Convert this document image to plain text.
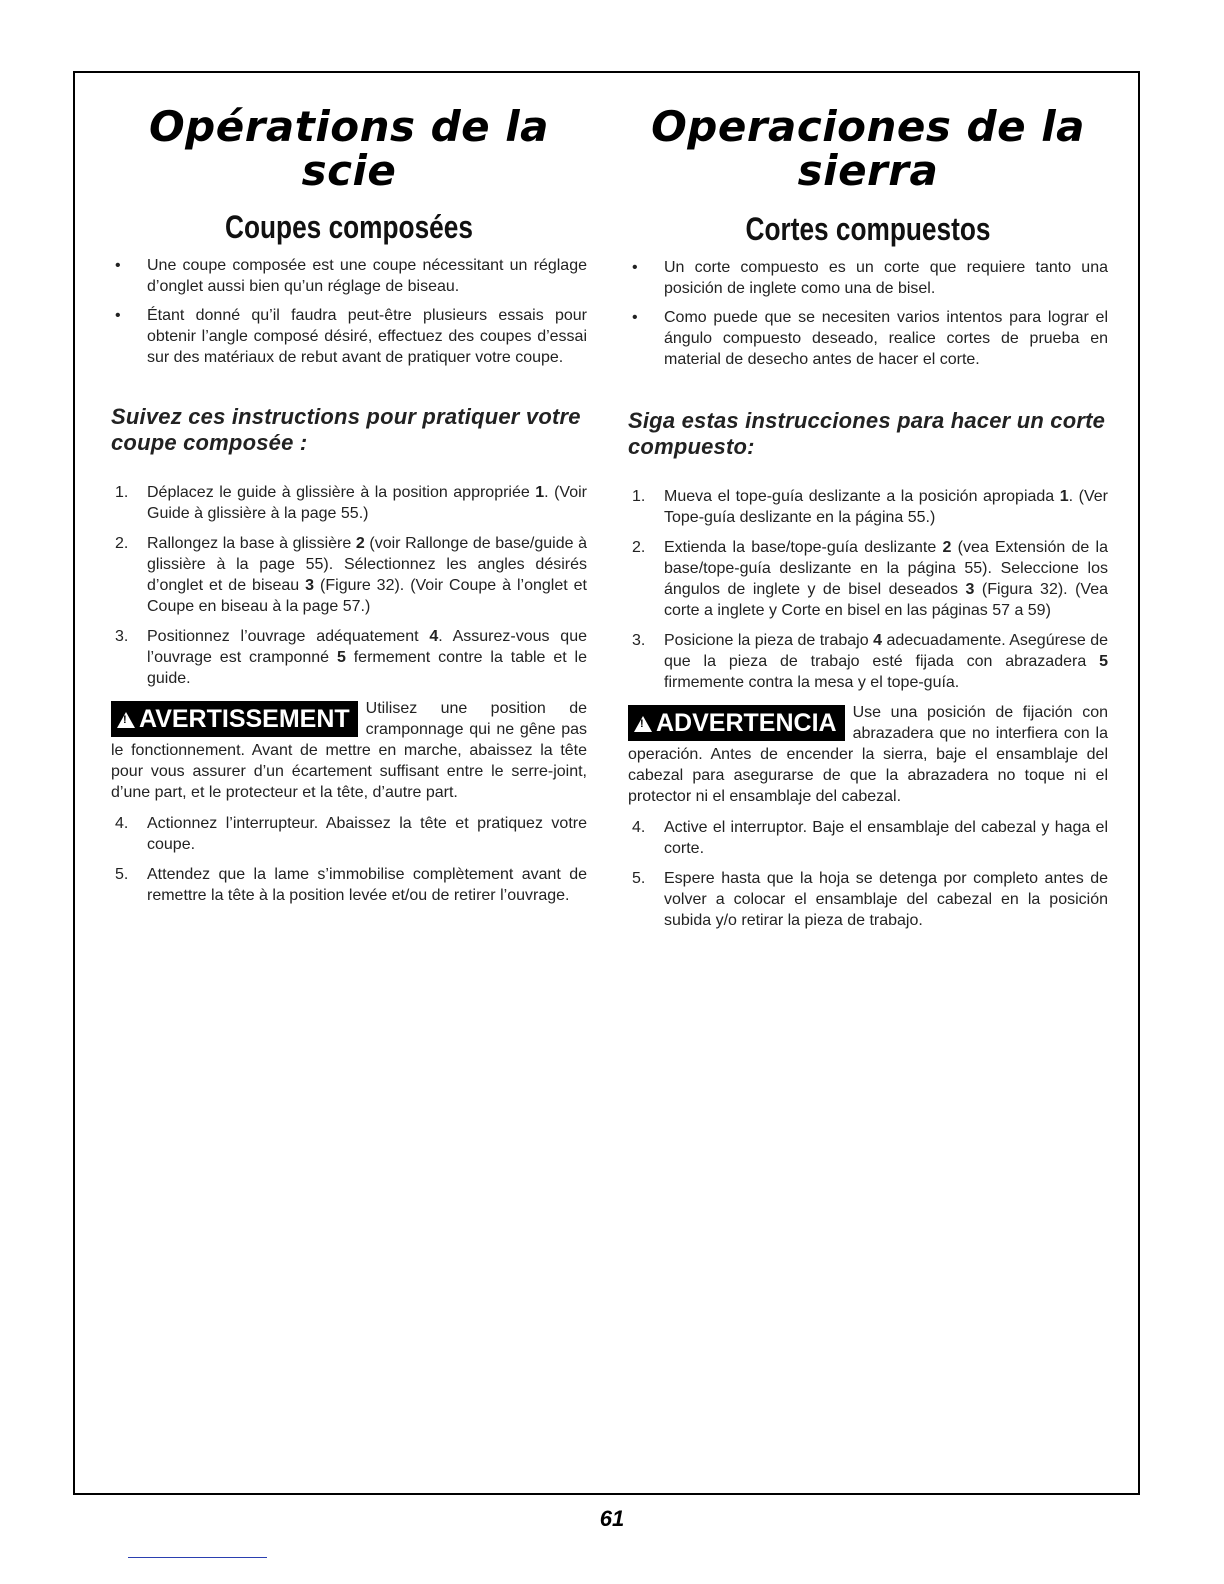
Opérations de la scie
Coupes composées
• Une coupe composée est une coupe nécessitant un réglage d’onglet aussi bien qu’un réglage de biseau.
• Étant donné qu’il faudra peut-être plusieurs essais pour obtenir l’angle composé désiré, effectuez des coupes d’essai sur des matériaux de rebut avant de pratiquer votre coupe.
Suivez ces instructions pour pratiquer votre coupe composée :
1. Déplacez le guide à glissière à la position appropriée 1. (Voir Guide à glissière à la page 55.)
2. Rallongez la base à glissière 2 (voir Rallonge de base/guide à glissière à la page 55). Sélectionnez les angles désirés d’onglet et de biseau 3 (Figure 32). (Voir Coupe à l’onglet et Coupe en biseau à la page 57.)
3. Positionnez l’ouvrage adéquatement 4. Assurez-vous que l’ouvrage est cramponné 5 fermement contre la table et le guide.
!AVERTISSEMENT	Utilisez une position de cramponnage qui ne gêne pas le fonctionnement. Avant de mettre en marche, abaissez la tête pour vous assurer d’un écartement suffisant entre le serre-joint, d’une part, et le protecteur et la tête, d’autre part.
4. Actionnez l’interrupteur. Abaissez la tête et pratiquez votre coupe.
5. Attendez que la lame s’immobilise complètement avant de remettre la tête à la position levée et/ou de retirer l’ouvrage.
Operaciones de la sierra
Cortes compuestos
• Un corte compuesto es un corte que requiere tanto una posición de inglete como una de bisel.
• Como puede que se necesiten varios intentos para lograr el ángulo compuesto deseado, realice cortes de prueba en material de desecho antes de hacer el corte.
Siga estas instrucciones para hacer un corte compuesto:
1. Mueva el tope-guía deslizante a la posición apropiada 1. (Ver Tope-guía deslizante en la página 55.)
2. Extienda la base/tope-guía deslizante 2 (vea Extensión de la base/tope-guía deslizante en la página 55). Seleccione los ángulos de inglete y de bisel deseados 3 (Figura 32). (Vea corte a inglete y Corte en bisel en las páginas 57 a 59)
3. Posicione la pieza de trabajo 4 adecuadamente. Asegúrese de que la pieza de trabajo esté fijada con abrazadera 5 firmemente contra la mesa y el tope-guía.
!ADVERTENCIA	Use una posición de fijación con abrazadera que no interfiera con la operación. Antes de encender la sierra, baje el ensamblaje del cabezal para asegurarse de que la abrazadera no toque ni el protector ni el ensamblaje del cabezal.
4. Active el interruptor. Baje el ensamblaje del cabezal y haga el corte.
5. Espere hasta que la hoja se detenga por completo antes de volver a colocar el ensamblaje del cabezal en la posición subida y/o retirar la pieza de trabajo.
61
